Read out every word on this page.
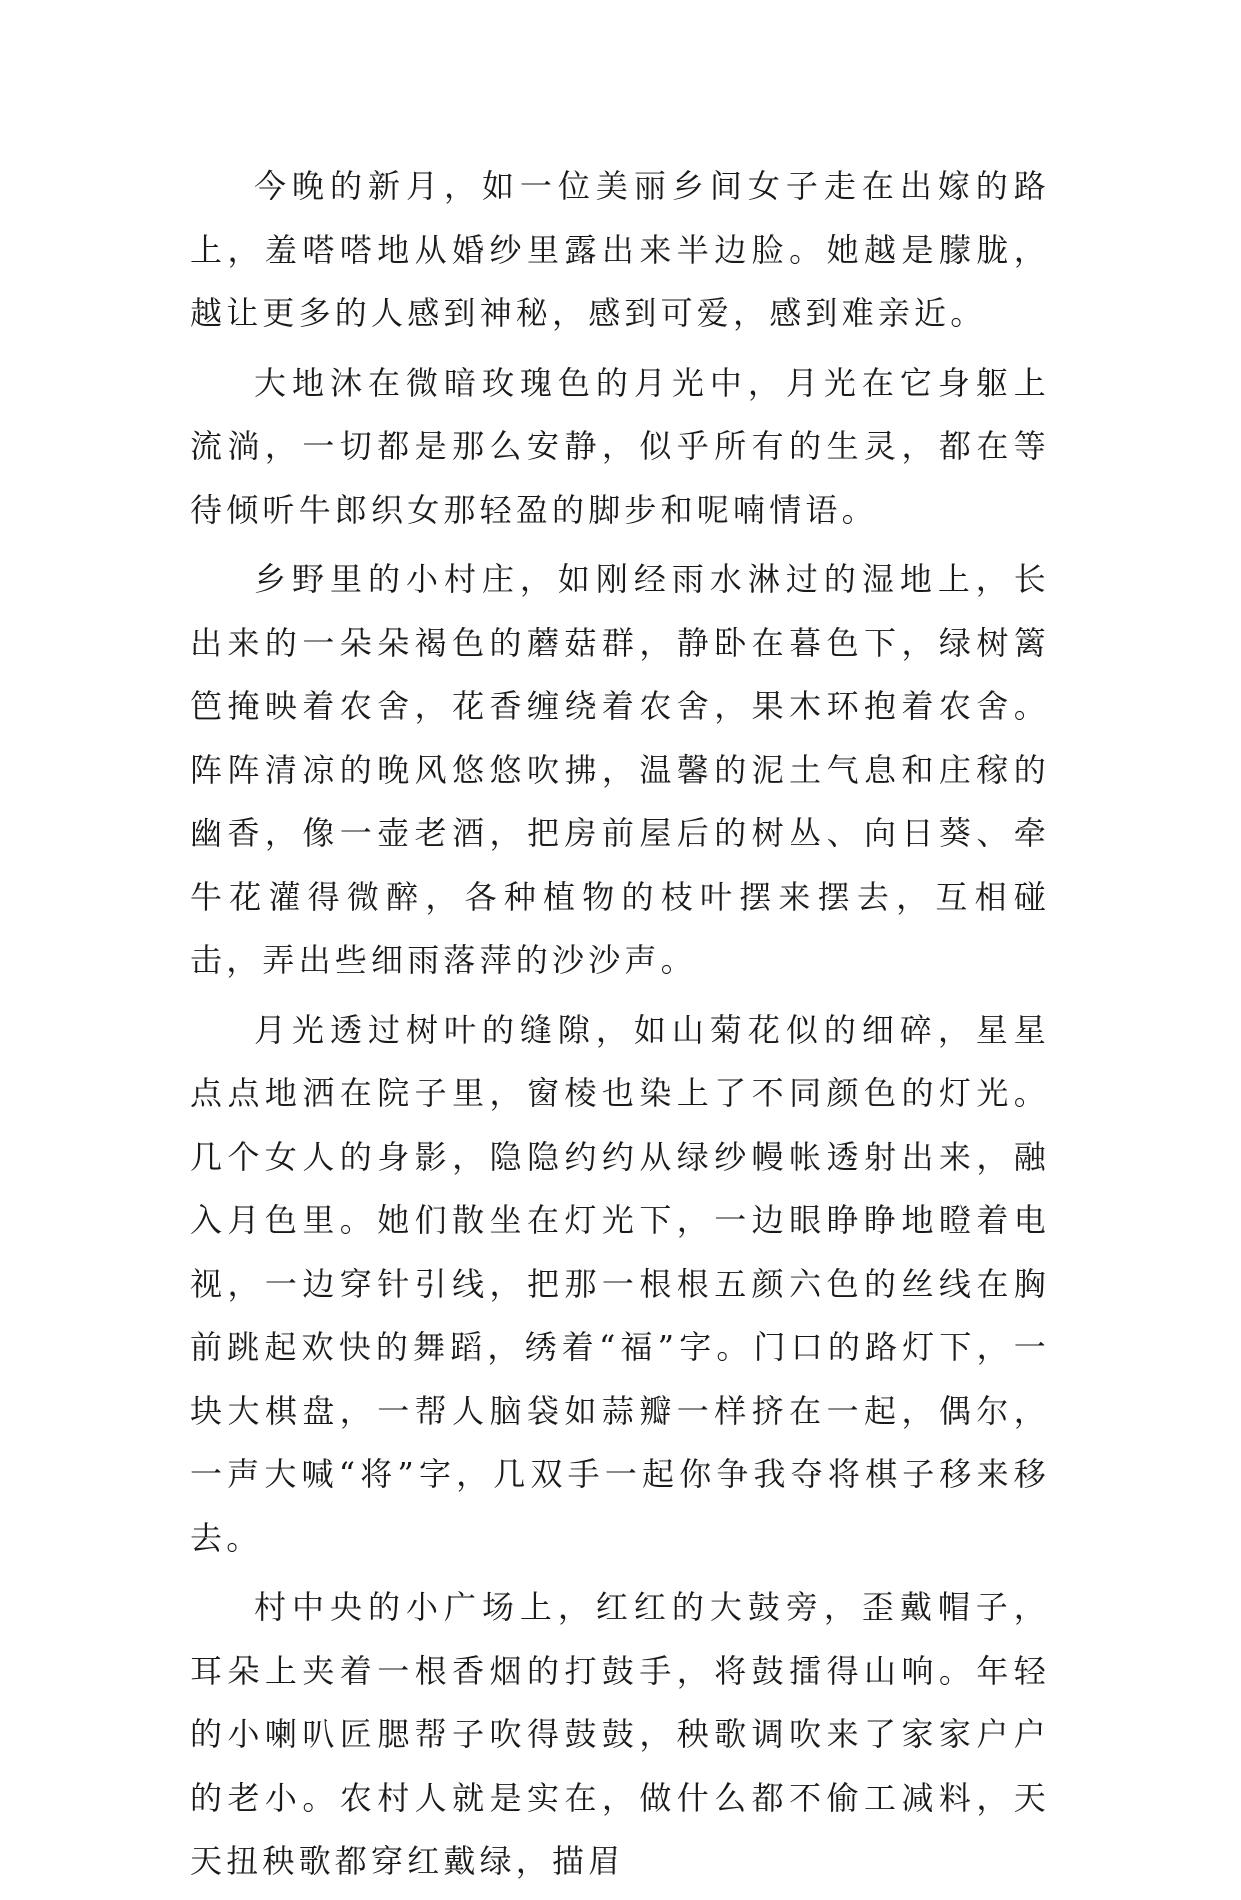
今晚的新月，如一位美丽乡间女子走在出嫁的路上，羞嗒嗒地从婚纱里露出来半边脸。她越是朦胧，越让更多的人感到神秘，感到可爱，感到难亲近。

大地沐在微暗玫瑰色的月光中，月光在它身躯上流淌，一切都是那么安静，似乎所有的生灵，都在等待倾听牛郎织女那轻盈的脚步和呢喃情语。

乡野里的小村庄，如刚经雨水淋过的湿地上，长出来的一朵朵褐色的蘑菇群，静卧在暮色下，绿树篱笆掩映着农舍，花香缠绕着农舍，果木环抱着农舍。阵阵清凉的晚风悠悠吹拂，温馨的泥土气息和庄稼的幽香，像一壶老酒，把房前屋后的树丛、向日葵、牵牛花灌得微醉，各种植物的枝叶摆来摆去，互相碰击，弄出些细雨落萍的沙沙声。

月光透过树叶的缝隙，如山菊花似的细碎，星星点点地洒在院子里，窗棱也染上了不同颜色的灯光。几个女人的身影，隐隐约约从绿纱幔帐透射出来，融入月色里。她们散坐在灯光下，一边眼睁睁地瞪着电视，一边穿针引线，把那一根根五颜六色的丝线在胸前跳起欢快的舞蹈，绣着“福”字。门口的路灯下，一块大棋盘，一帮人脑袋如蒜瓣一样挤在一起，偶尔，一声大喊“将”字，几双手一起你争我夺将棋子移来移去。

村中央的小广场上，红红的大鼓旁，歪戴帽子，耳朵上夹着一根香烟的打鼓手，将鼓擂得山响。年轻的小喇叭匠腮帮子吹得鼓鼓，秧歌调吹来了家家户户的老小。农村人就是实在，做什么都不偷工减料，天天扭秧歌都穿红戴绿，描眉
